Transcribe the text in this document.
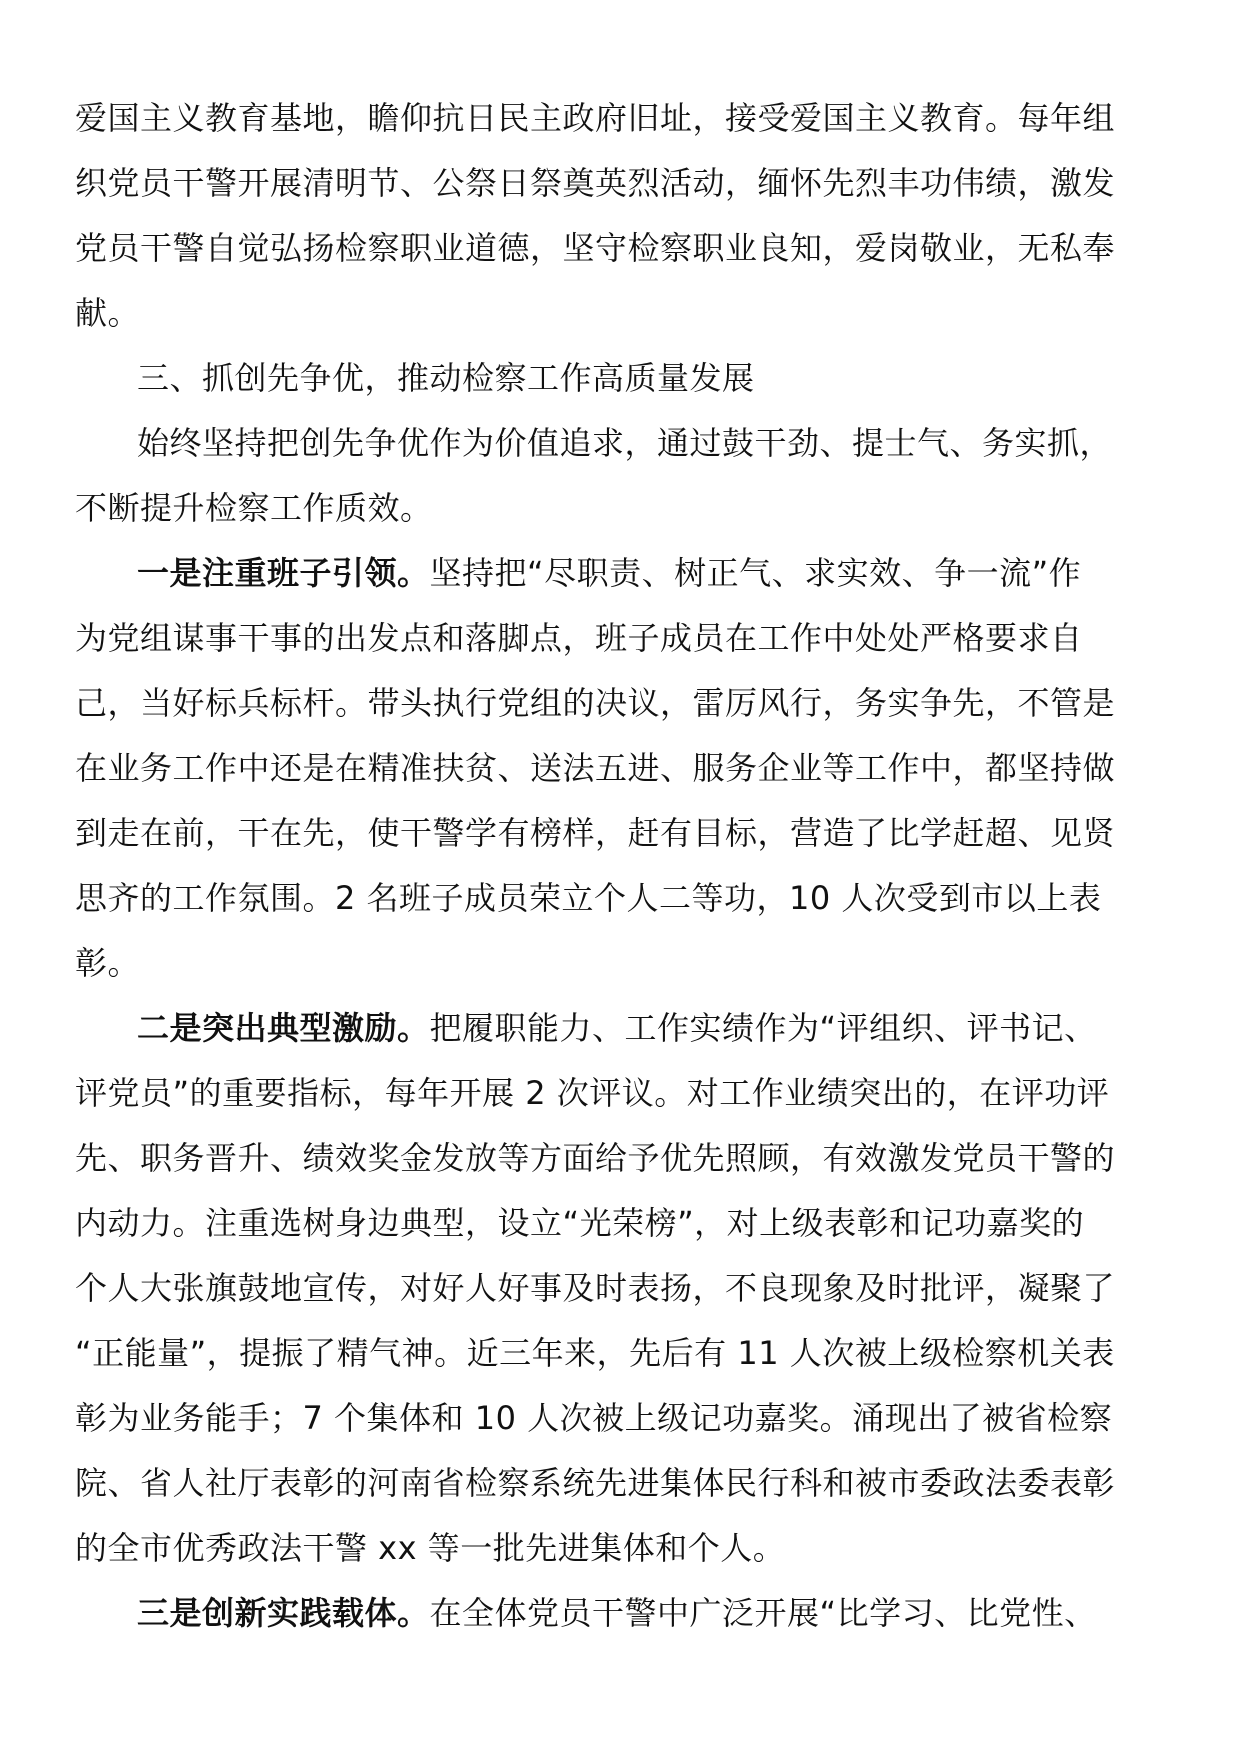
爱国主义教育基地，瞻仰抗日民主政府旧址，接受爱国主义教育。每年组
织党员干警开展清明节、公祭日祭奠英烈活动，缅怀先烈丰功伟绩，激发
党员干警自觉弘扬检察职业道德，坚守检察职业良知，爱岗敬业，无私奉
献。
三、抓创先争优，推动检察工作高质量发展
始终坚持把创先争优作为价值追求，通过鼓干劲、提士气、务实抓，
不断提升检察工作质效。
一是注重班子引领。坚持把“尽职责、树正气、求实效、争一流”作
为党组谋事干事的出发点和落脚点，班子成员在工作中处处严格要求自
己，当好标兵标杆。带头执行党组的决议，雷厉风行，务实争先，不管是
在业务工作中还是在精准扶贫、送法五进、服务企业等工作中，都坚持做
到走在前，干在先，使干警学有榜样，赶有目标，营造了比学赶超、见贤
思齐的工作氛围。2 名班子成员荣立个人二等功，10 人次受到市以上表
彰。
二是突出典型激励。把履职能力、工作实绩作为“评组织、评书记、
评党员”的重要指标，每年开展 2 次评议。对工作业绩突出的，在评功评
先、职务晋升、绩效奖金发放等方面给予优先照顾，有效激发党员干警的
内动力。注重选树身边典型，设立“光荣榜”，对上级表彰和记功嘉奖的
个人大张旗鼓地宣传，对好人好事及时表扬，不良现象及时批评，凝聚了
“正能量”，提振了精气神。近三年来，先后有 11 人次被上级检察机关表
彰为业务能手；7 个集体和 10 人次被上级记功嘉奖。涌现出了被省检察
院、省人社厅表彰的河南省检察系统先进集体民行科和被市委政法委表彰
的全市优秀政法干警 xx 等一批先进集体和个人。
三是创新实践载体。在全体党员干警中广泛开展“比学习、比党性、
